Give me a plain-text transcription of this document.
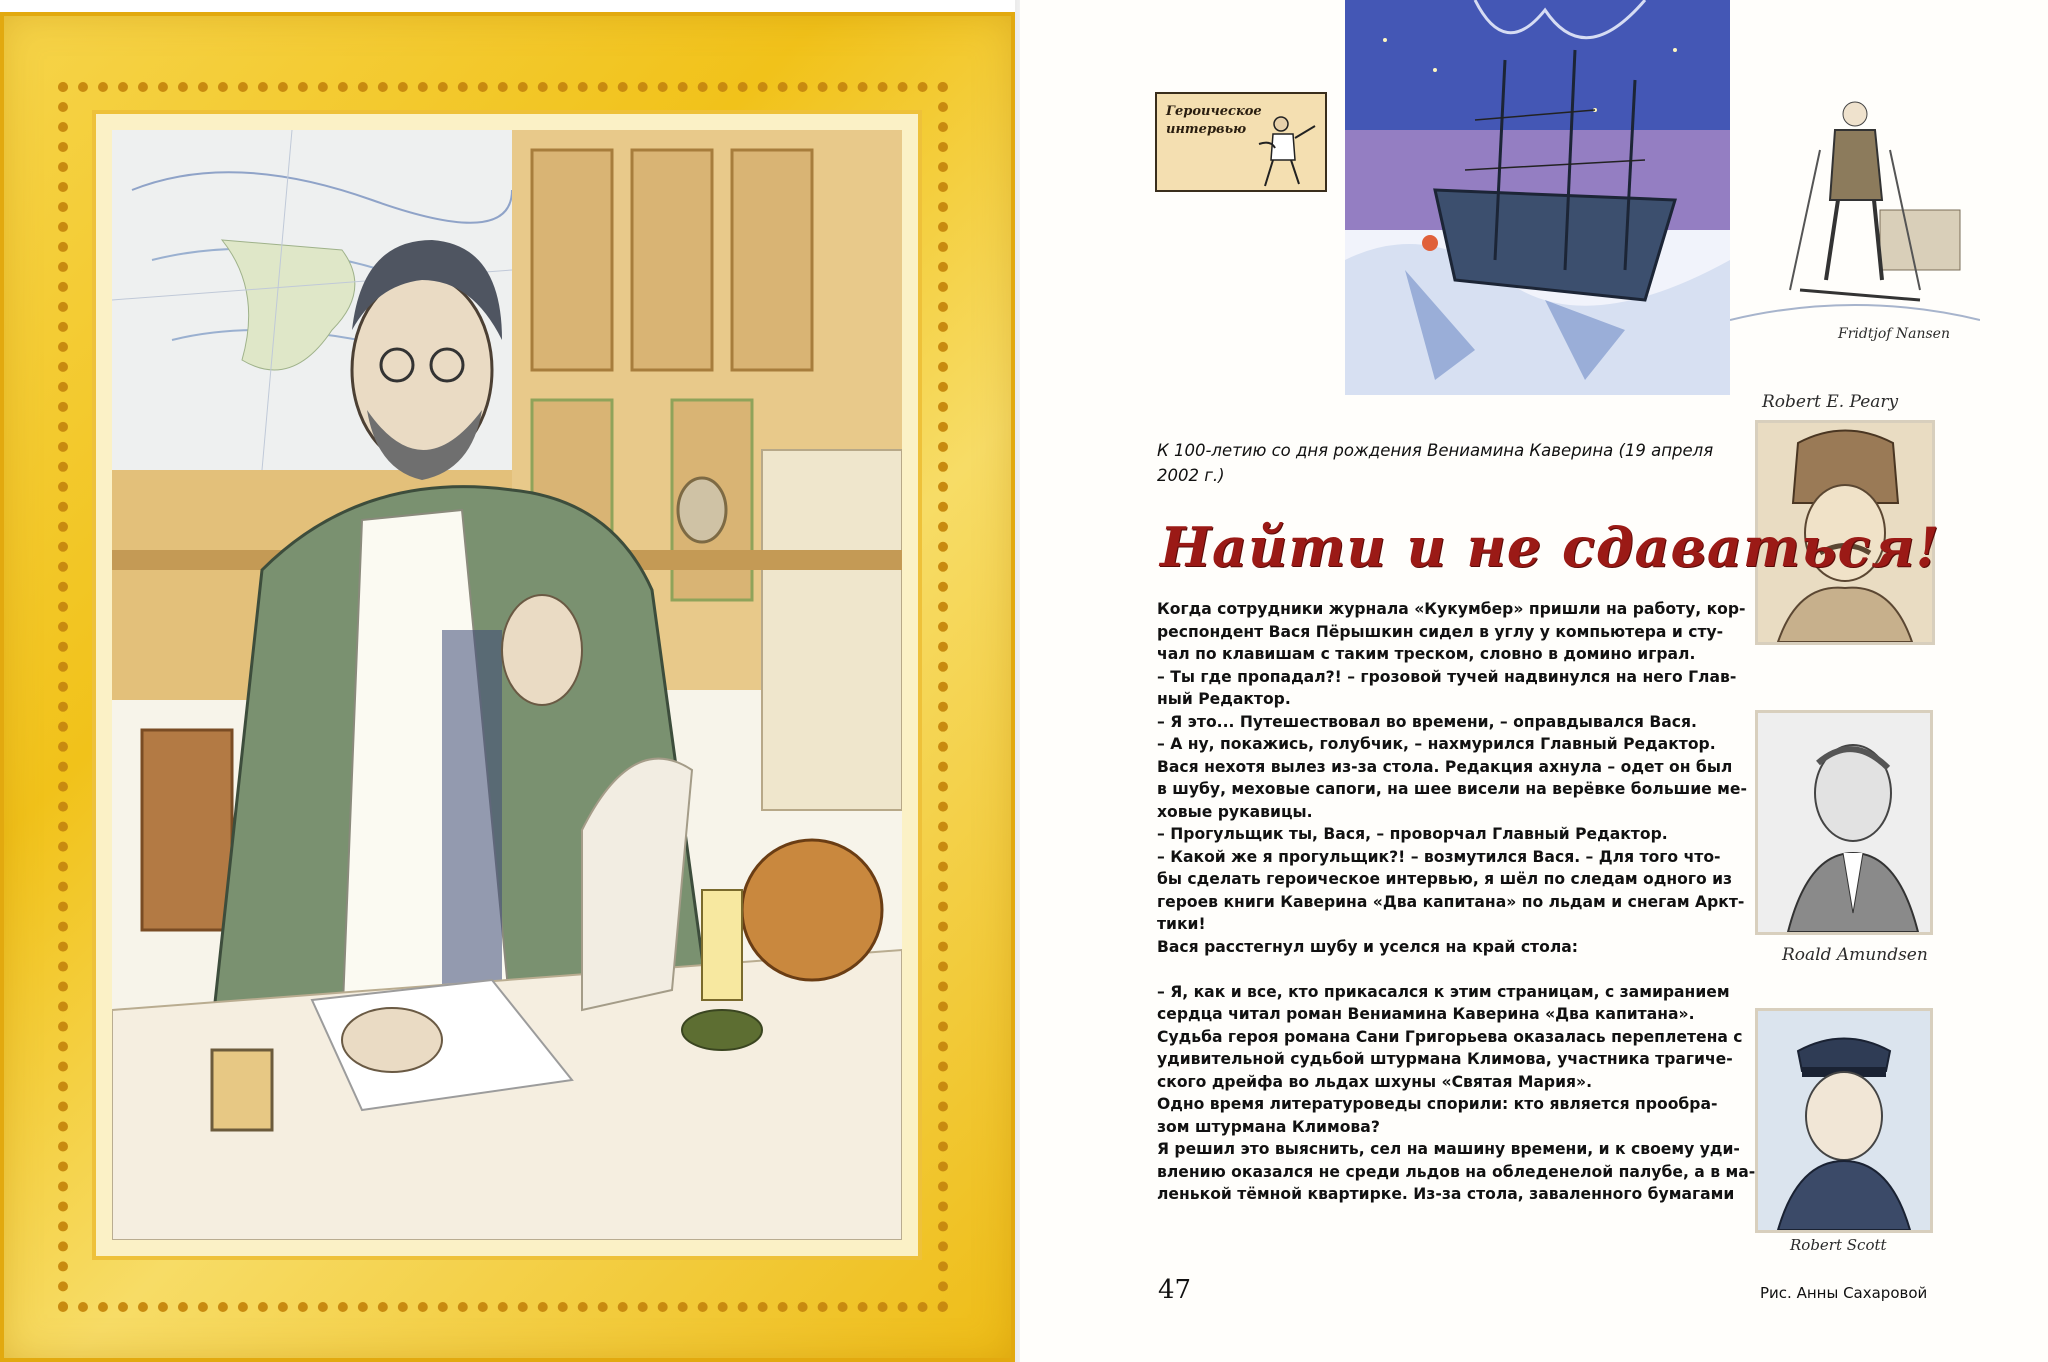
Героическое
интервью
Fridtjof Nansen
Robert E. Peary
Roald Amundsen
Robert Scott
К 100-летию со дня рождения Вениамина Каверина (19 апреля 2002 г.)
Найти и не сдаваться!

Когда сотрудники журнала «Кукумбер» пришли на работу, кор-

респондент Вася Пёрышкин сидел в углу у компьютера и сту-

чал по клавишам с таким треском, словно в домино играл.

– Ты где пропадал?! – грозовой тучей надвинулся на него Глав-

ный Редактор.

– Я это... Путешествовал во времени, – оправдывался Вася.

– А ну, покажись, голубчик, – нахмурился Главный Редактор.

Вася нехотя вылез из-за стола. Редакция ахнула – одет он был

в шубу, меховые сапоги, на шее висели на верёвке большие ме-

ховые рукавицы.

– Прогульщик ты, Вася, – проворчал Главный Редактор.

– Какой же я прогульщик?! – возмутился Вася. – Для того что-

бы сделать героическое интервью, я шёл по следам одного из

героев книги Каверина «Два капитана» по льдам и снегам Аркт-

тики!

Вася расстегнул шубу и уселся на край стола:

– Я, как и все, кто прикасался к этим страницам, с замиранием

сердца читал роман Вениамина Каверина «Два капитана».

Судьба героя романа Сани Григорьева оказалась переплетена с

удивительной судьбой штурмана Климова, участника трагиче-

ского дрейфа во льдах шхуны «Святая Мария».

Одно время литературоведы спорили: кто является прообра-

зом штурмана Климова?

Я решил это выяснить, сел на машину времени, и к своему уди-

влению оказался не среди льдов на обледенелой палубе, а в ма-

ленькой тёмной квартирке. Из-за стола, заваленного бумагами

47	Рис. Анны Сахаровой
